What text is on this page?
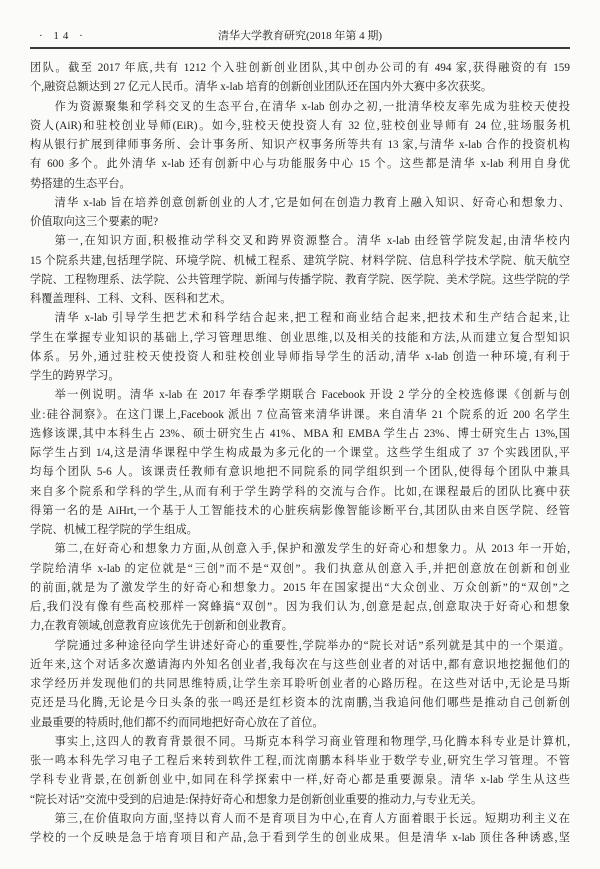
· 14 ·	清华大学教育研究(2018 年第 4 期)
团队。截至 2017 年底,共有 1212 个入驻创新创业团队,其中创办公司的有 494 家,获得融资的有 159
个,融资总额达到 27 亿元人民币。清华 x-lab 培育的创新创业团队还在国内外大赛中多次获奖。
作为资源聚集和学科交叉的生态平台,在清华 x-lab 创办之初,一批清华校友率先成为驻校天使投
资人(AiR)和驻校创业导师(EiR)。如今,驻校天使投资人有 32 位,驻校创业导师有 24 位,驻场服务机
构从银行扩展到律师事务所、会计事务所、知识产权事务所等共有 13 家,与清华 x-lab 合作的投资机构
有 600 多个。此外清华 x-lab 还有创新中心与功能服务中心 15 个。这些都是清华 x-lab 利用自身优
势搭建的生态平台。
清华 x-lab 旨在培养创意创新创业的人才,它是如何在创造力教育上融入知识、好奇心和想象力、
价值取向这三个要素的呢?
第一,在知识方面,积极推动学科交叉和跨界资源整合。清华 x-lab 由经管学院发起,由清华校内
15 个院系共建,包括理学院、环境学院、机械工程系、建筑学院、材料学院、信息科学技术学院、航天航空
学院、工程物理系、法学院、公共管理学院、新闻与传播学院、教育学院、医学院、美术学院。这些学院的学
科覆盖理科、工科、文科、医科和艺术。
清华 x-lab 引导学生把艺术和科学结合起来,把工程和商业结合起来,把技术和生产结合起来,让
学生在掌握专业知识的基础上,学习管理思维、创业思维,以及相关的技能和方法,从而建立复合型知识
体系。另外,通过驻校天使投资人和驻校创业导师指导学生的活动,清华 x-lab 创造一种环境,有利于
学生的跨界学习。
举一例说明。清华 x-lab 在 2017 年春季学期联合 Facebook 开设 2 学分的全校选修课《创新与创
业:硅谷洞察》。在这门课上,Facebook 派出 7 位高管来清华讲课。来自清华 21 个院系的近 200 名学生
选修该课,其中本科生占 23%、硕士研究生占 41%、MBA 和 EMBA 学生占 23%、博士研究生占 13%,国
际学生占到 1/4,这是清华课程中学生构成最为多元化的一个课堂。这些学生组成了 37 个实践团队,平
均每个团队 5-6 人。该课责任教师有意识地把不同院系的同学组织到一个团队,使得每个团队中兼具
来自多个院系和学科的学生,从而有利于学生跨学科的交流与合作。比如,在课程最后的团队比赛中获
得第一名的是 AiHrt,一个基于人工智能技术的心脏疾病影像智能诊断平台,其团队由来自医学院、经管
学院、机械工程学院的学生组成。
第二,在好奇心和想象力方面,从创意入手,保护和激发学生的好奇心和想象力。从 2013 年一开始,
学院给清华 x-lab 的定位就是“三创”而不是“双创”。我们执意从创意入手,并把创意放在创新和创业
的前面,就是为了激发学生的好奇心和想象力。2015 年在国家提出“大众创业、万众创新”的“双创”之
后,我们没有像有些高校那样一窝蜂搞“双创”。因为我们认为,创意是起点,创意取决于好奇心和想象
力,在教育领域,创意教育应该优先于创新和创业教育。
学院通过多种途径向学生讲述好奇心的重要性,学院举办的“院长对话”系列就是其中的一个渠道。
近年来,这个对话多次邀请海内外知名创业者,我每次在与这些创业者的对话中,都有意识地挖掘他们的
求学经历并发现他们的共同思维特质,让学生亲耳聆听创业者的心路历程。在这些对话中,无论是马斯
克还是马化腾,无论是今日头条的张一鸣还是红杉资本的沈南鹏,当我追问他们哪些是推动自己创新创
业最重要的特质时,他们都不约而同地把好奇心放在了首位。
事实上,这四人的教育背景很不同。马斯克本科学习商业管理和物理学,马化腾本科专业是计算机,
张一鸣本科先学习电子工程后来转到软件工程,而沈南鹏本科毕业于数学专业,研究生学习管理。不管
学科专业背景,在创新创业中,如同在科学探索中一样,好奇心都是重要源泉。清华 x-lab 学生从这些
“院长对话”交流中受到的启迪是:保持好奇心和想象力是创新创业重要的推动力,与专业无关。
第三,在价值取向方面,坚持以育人而不是育项目为中心,在育人方面着眼于长远。短期功利主义在
学校的一个反映是急于培育项目和产品,急于看到学生的创业成果。但是清华 x-lab 顶住各种诱惑,坚
